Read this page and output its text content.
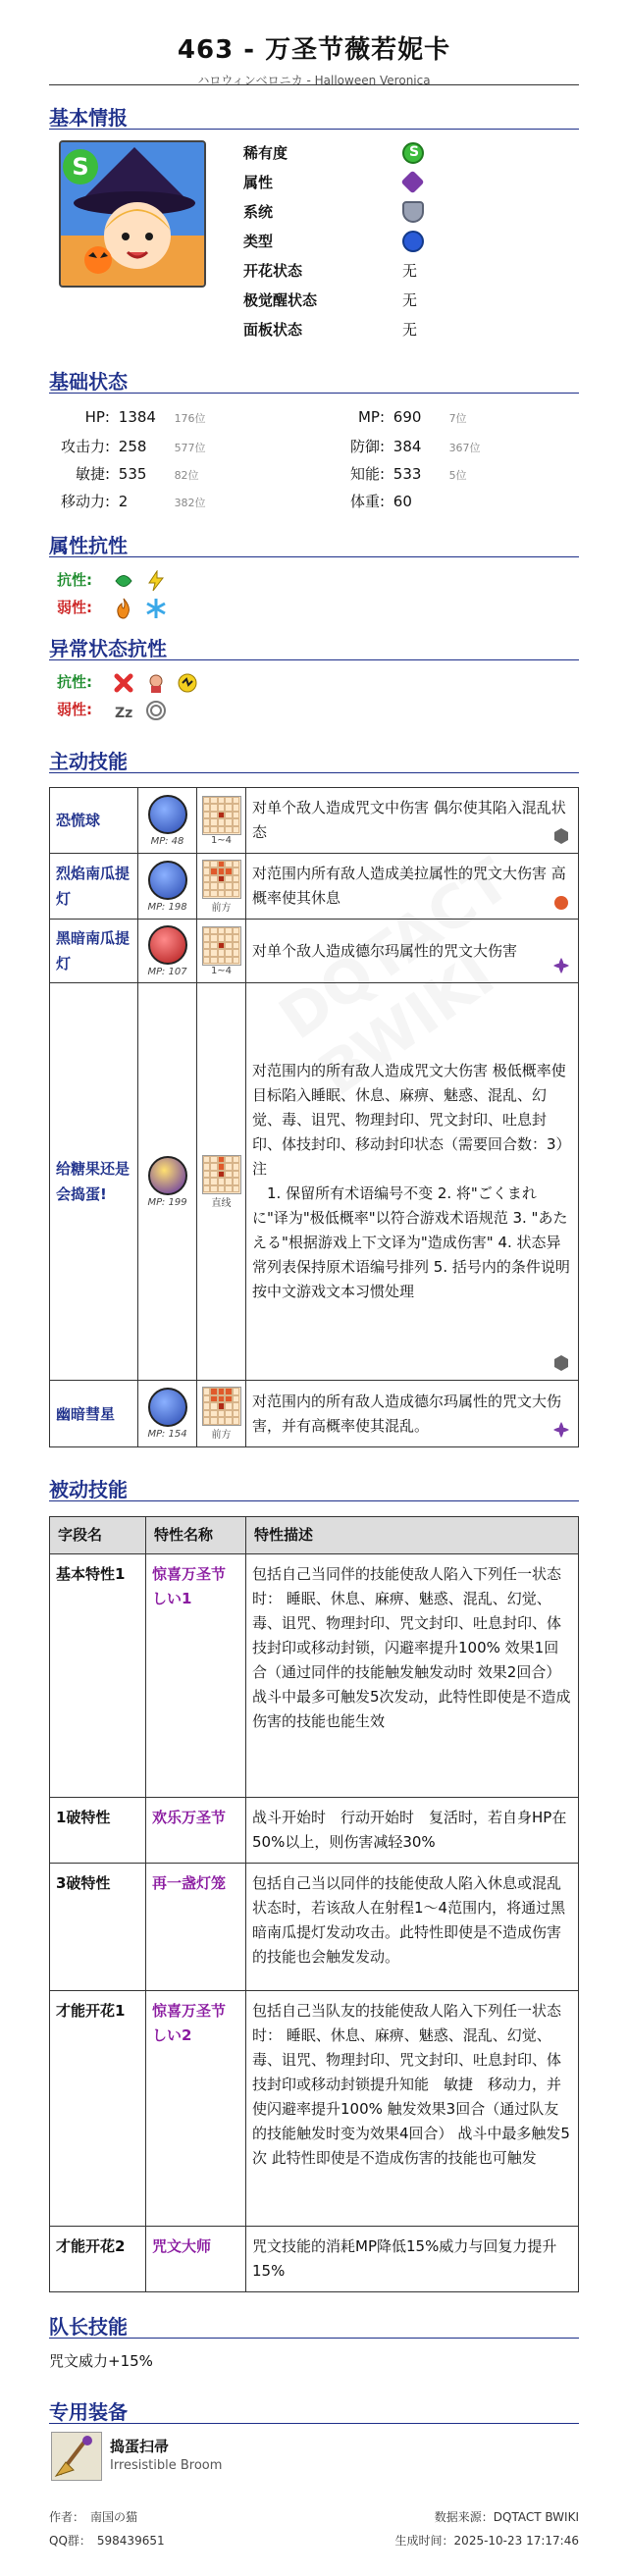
463 - 万圣节薇若妮卡
ハロウィンベロニカ - Halloween Veronica
基本情报
S	稀有度	S
属性
系统
类型
开花状态	无
极觉醒状态	无
面板状态	无
基础状态
HP: 1384 176位	MP: 690	7位
攻击力: 258	577位	防御: 384	367位
敏捷: 535	82位	知能: 533	5位
移动力: 2	382位	体重: 60
属性抗性
抗性:
弱性:
异常状态抗性
抗性:
弱性: Zz

主动技能
恐慌球	MP: 48	1~4	对单个敌人造成咒文中伤害 偶尔使其陷入混乱状态

烈焰南瓜提灯	MP: 198	前方	对范围内所有敌人造成美拉属性的咒文大伤害 高概率使其休息

黑暗南瓜提灯	MP: 107	1~4	对单个敌人造成德尔玛属性的咒文大伤害

给糖果还是会捣蛋!	MP: 199	直线	对范围内的所有敌人造成咒文大伤害 极低概率使目标陷入睡眠、休息、麻痹、魅惑、混乱、幻觉、毒、诅咒、物理封印、咒文封印、吐息封印、体技封印、移动封印状态（需要回合数：3）注
　1. 保留所有术语编号不变 2. 将"ごくまれに"译为"极低概率"以符合游戏术语规范 3. "あたえる"根据游戏上下文译为"造成伤害" 4. 状态异常列表保持原术语编号排列 5. 括号内的条件说明按中文游戏文本习惯处理

幽暗彗星	MP: 154	前方	对范围内的所有敌人造成德尔玛属性的咒文大伤害，并有高概率使其混乱。
被动技能
字段名	特性名称	特性描述
基本特性1	惊喜万圣节しい1	包括自己当同伴的技能使敌人陷入下列任一状态时： 睡眠、休息、麻痹、魅惑、混乱、幻觉、毒、诅咒、物理封印、咒文封印、吐息封印、体技封印或移动封锁，闪避率提升100% 效果1回合（通过同伴的技能触发触发动时 效果2回合） 战斗中最多可触发5次发动，此特性即使是不造成伤害的技能也能生效
1破特性	欢乐万圣节	战斗开始时　行动开始时　复活时，若自身HP在50%以上，则伤害减轻30%
3破特性	再一盏灯笼	包括自己当以同伴的技能使敌人陷入休息或混乱状态时，若该敌人在射程1～4范围内，将通过黑暗南瓜提灯发动攻击。此特性即使是不造成伤害的技能也会触发发动。
才能开花1	惊喜万圣节 しい2	包括自己当队友的技能使敌人陷入下列任一状态时： 睡眠、休息、麻痹、魅惑、混乱、幻觉、毒、诅咒、物理封印、咒文封印、吐息封印、体技封印或移动封锁提升知能　敏捷　移动力，并使闪避率提升100% 触发效果3回合（通过队友的技能触发时变为效果4回合） 战斗中最多触发5次 此特性即使是不造成伤害的技能也可触发
才能开花2	咒文大师	咒文技能的消耗MP降低15%威力与回复力提升15%
队长技能
咒文威力+15%
专用装备
捣蛋扫帚
Irresistible Broom
作者：　南国の猫
QQ群：　598439651
数据来源：DQTACT BWIKI
生成时间：2025-10-23 17:17:46
